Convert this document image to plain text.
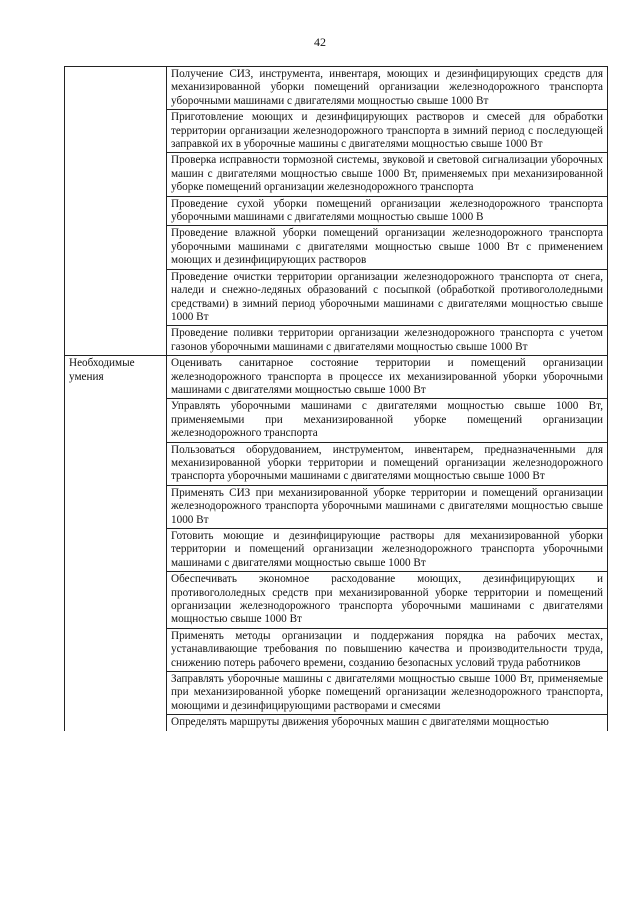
42
	Получение СИЗ, инструмента, инвентаря, моющих и дезинфицирующих средств для механизированной уборки помещений организации железнодорожного транспорта уборочными машинами с двигателями мощностью свыше 1000 Вт
	Приготовление моющих и дезинфицирующих растворов и смесей для обработки территории организации железнодорожного транспорта в зимний период с последующей заправкой их в уборочные машины с двигателями мощностью свыше 1000 Вт
	Проверка исправности тормозной системы, звуковой и световой сигнализации уборочных машин с двигателями мощностью свыше 1000 Вт, применяемых при механизированной уборке помещений организации железнодорожного транспорта
	Проведение сухой уборки помещений организации железнодорожного транспорта уборочными машинами с двигателями мощностью свыше 1000 В
	Проведение влажной уборки помещений организации железнодорожного транспорта уборочными машинами с двигателями мощностью свыше 1000 Вт с применением моющих и дезинфицирующих растворов
	Проведение очистки территории организации железнодорожного транспорта от снега, наледи и снежно-ледяных образований с посыпкой (обработкой противогололедными средствами) в зимний период уборочными машинами с двигателями мощностью свыше 1000 Вт
	Проведение поливки территории организации железнодорожного транспорта с учетом газонов уборочными машинами с двигателями мощностью свыше 1000 Вт

Необходимые умения	Оценивать санитарное состояние территории и помещений организации железнодорожного транспорта в процессе их механизированной уборки уборочными машинами с двигателями мощностью свыше 1000 Вт
	Управлять уборочными машинами с двигателями мощностью свыше 1000 Вт, применяемыми при механизированной уборке помещений организации железнодорожного транспорта
	Пользоваться оборудованием, инструментом, инвентарем, предназначенными для механизированной уборки территории и помещений организации железнодорожного транспорта уборочными машинами с двигателями мощностью свыше 1000 Вт
	Применять СИЗ при механизированной уборке территории и помещений организации железнодорожного транспорта уборочными машинами с двигателями мощностью свыше 1000 Вт
	Готовить моющие и дезинфицирующие растворы для механизированной уборки территории и помещений организации железнодорожного транспорта уборочными машинами с двигателями мощностью свыше 1000 Вт
	Обеспечивать экономное расходование моющих, дезинфицирующих и противогололедных средств при механизированной уборке территории и помещений организации железнодорожного транспорта уборочными машинами с двигателями мощностью свыше 1000 Вт
	Применять методы организации и поддержания порядка на рабочих местах, устанавливающие требования по повышению качества и производительности труда, снижению потерь рабочего времени, созданию безопасных условий труда работников
	Заправлять уборочные машины с двигателями мощностью свыше 1000 Вт, применяемые при механизированной уборке помещений организации железнодорожного транспорта, моющими и дезинфицирующими растворами и смесями
	Определять маршруты движения уборочных машин с двигателями мощностью
